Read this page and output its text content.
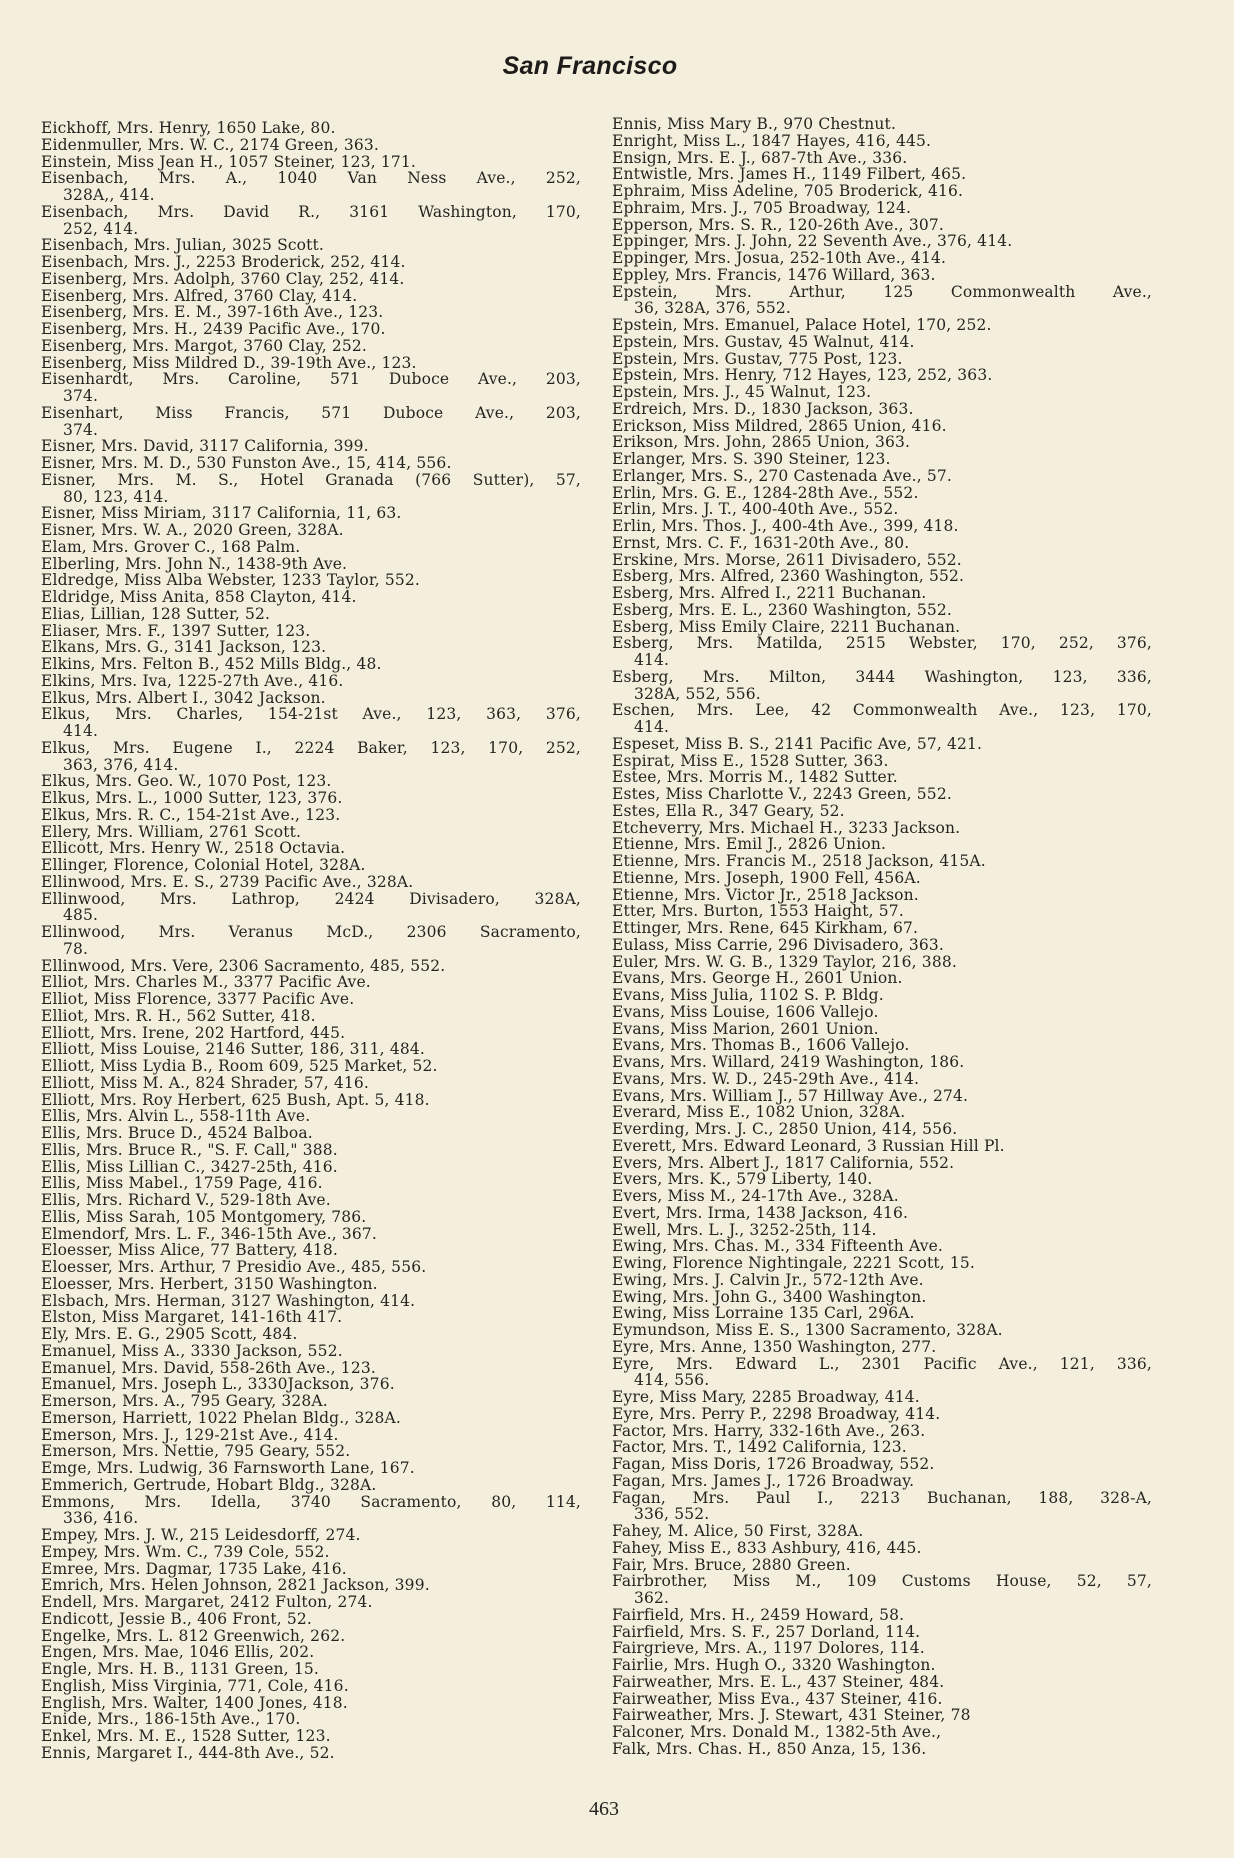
San Francisco
Eickhoff, Mrs. Henry, 1650 Lake, 80.
Eidenmuller, Mrs. W. C., 2174 Green, 363.
Einstein, Miss Jean H., 1057 Steiner, 123, 171.
Eisenbach, Mrs. A., 1040 Van Ness Ave., 252,
328A,, 414.
Eisenbach, Mrs. David R., 3161 Washington, 170,
252, 414.
Eisenbach, Mrs. Julian, 3025 Scott.
Eisenbach, Mrs. J., 2253 Broderick, 252, 414.
Eisenberg, Mrs. Adolph, 3760 Clay, 252, 414.
Eisenberg, Mrs. Alfred, 3760 Clay, 414.
Eisenberg, Mrs. E. M., 397-16th Ave., 123.
Eisenberg, Mrs. H., 2439 Pacific Ave., 170.
Eisenberg, Mrs. Margot, 3760 Clay, 252.
Eisenberg, Miss Mildred D., 39-19th Ave., 123.
Eisenhardt, Mrs. Caroline, 571 Duboce Ave., 203,
374.
Eisenhart, Miss Francis, 571 Duboce Ave., 203,
374.
Eisner, Mrs. David, 3117 California, 399.
Eisner, Mrs. M. D., 530 Funston Ave., 15, 414, 556.
Eisner, Mrs. M. S., Hotel Granada (766 Sutter), 57,
80, 123, 414.
Eisner, Miss Miriam, 3117 California, 11, 63.
Eisner, Mrs. W. A., 2020 Green, 328A.
Elam, Mrs. Grover C., 168 Palm.
Elberling, Mrs. John N., 1438-9th Ave.
Eldredge, Miss Alba Webster, 1233 Taylor, 552.
Eldridge, Miss Anita, 858 Clayton, 414.
Elias, Lillian, 128 Sutter, 52.
Eliaser, Mrs. F., 1397 Sutter, 123.
Elkans, Mrs. G., 3141 Jackson, 123.
Elkins, Mrs. Felton B., 452 Mills Bldg., 48.
Elkins, Mrs. Iva, 1225-27th Ave., 416.
Elkus, Mrs. Albert I., 3042 Jackson.
Elkus, Mrs. Charles, 154-21st Ave., 123, 363, 376,
414.
Elkus, Mrs. Eugene I., 2224 Baker, 123, 170, 252,
363, 376, 414.
Elkus, Mrs. Geo. W., 1070 Post, 123.
Elkus, Mrs. L., 1000 Sutter, 123, 376.
Elkus, Mrs. R. C., 154-21st Ave., 123.
Ellery, Mrs. William, 2761 Scott.
Ellicott, Mrs. Henry W., 2518 Octavia.
Ellinger, Florence, Colonial Hotel, 328A.
Ellinwood, Mrs. E. S., 2739 Pacific Ave., 328A.
Ellinwood, Mrs. Lathrop, 2424 Divisadero, 328A,
485.
Ellinwood, Mrs. Veranus McD., 2306 Sacramento,
78.
Ellinwood, Mrs. Vere, 2306 Sacramento, 485, 552.
Elliot, Mrs. Charles M., 3377 Pacific Ave.
Elliot, Miss Florence, 3377 Pacific Ave.
Elliot, Mrs. R. H., 562 Sutter, 418.
Elliott, Mrs. Irene, 202 Hartford, 445.
Elliott, Miss Louise, 2146 Sutter, 186, 311, 484.
Elliott, Miss Lydia B., Room 609, 525 Market, 52.
Elliott, Miss M. A., 824 Shrader, 57, 416.
Elliott, Mrs. Roy Herbert, 625 Bush, Apt. 5, 418.
Ellis, Mrs. Alvin L., 558-11th Ave.
Ellis, Mrs. Bruce D., 4524 Balboa.
Ellis, Mrs. Bruce R., "S. F. Call," 388.
Ellis, Miss Lillian C., 3427-25th, 416.
Ellis, Miss Mabel., 1759 Page, 416.
Ellis, Mrs. Richard V., 529-18th Ave.
Ellis, Miss Sarah, 105 Montgomery, 786.
Elmendorf, Mrs. L. F., 346-15th Ave., 367.
Eloesser, Miss Alice, 77 Battery, 418.
Eloesser, Mrs. Arthur, 7 Presidio Ave., 485, 556.
Eloesser, Mrs. Herbert, 3150 Washington.
Elsbach, Mrs. Herman, 3127 Washington, 414.
Elston, Miss Margaret, 141-16th 417.
Ely, Mrs. E. G., 2905 Scott, 484.
Emanuel, Miss A., 3330 Jackson, 552.
Emanuel, Mrs. David, 558-26th Ave., 123.
Emanuel, Mrs. Joseph L., 3330Jackson, 376.
Emerson, Mrs. A., 795 Geary, 328A.
Emerson, Harriett, 1022 Phelan Bldg., 328A.
Emerson, Mrs. J., 129-21st Ave., 414.
Emerson, Mrs. Nettie, 795 Geary, 552.
Emge, Mrs. Ludwig, 36 Farnsworth Lane, 167.
Emmerich, Gertrude, Hobart Bldg., 328A.
Emmons, Mrs. Idella, 3740 Sacramento, 80, 114,
336, 416.
Empey, Mrs. J. W., 215 Leidesdorff, 274.
Empey, Mrs. Wm. C., 739 Cole, 552.
Emree, Mrs. Dagmar, 1735 Lake, 416.
Emrich, Mrs. Helen Johnson, 2821 Jackson, 399.
Endell, Mrs. Margaret, 2412 Fulton, 274.
Endicott, Jessie B., 406 Front, 52.
Engelke, Mrs. L. 812 Greenwich, 262.
Engen, Mrs. Mae, 1046 Ellis, 202.
Engle, Mrs. H. B., 1131 Green, 15.
English, Miss Virginia, 771, Cole, 416.
English, Mrs. Walter, 1400 Jones, 418.
Enide, Mrs., 186-15th Ave., 170.
Enkel, Mrs. M. E., 1528 Sutter, 123.
Ennis, Margaret I., 444-8th Ave., 52.
Ennis, Miss Mary B., 970 Chestnut.
Enright, Miss L., 1847 Hayes, 416, 445.
Ensign, Mrs. E. J., 687-7th Ave., 336.
Entwistle, Mrs. James H., 1149 Filbert, 465.
Ephraim, Miss Adeline, 705 Broderick, 416.
Ephraim, Mrs. J., 705 Broadway, 124.
Epperson, Mrs. S. R., 120-26th Ave., 307.
Eppinger, Mrs. J. John, 22 Seventh Ave., 376, 414.
Eppinger, Mrs. Josua, 252-10th Ave., 414.
Eppley, Mrs. Francis, 1476 Willard, 363.
Epstein, Mrs. Arthur, 125 Commonwealth Ave.,
36, 328A, 376, 552.
Epstein, Mrs. Emanuel, Palace Hotel, 170, 252.
Epstein, Mrs. Gustav, 45 Walnut, 414.
Epstein, Mrs. Gustav, 775 Post, 123.
Epstein, Mrs. Henry, 712 Hayes, 123, 252, 363.
Epstein, Mrs. J., 45 Walnut, 123.
Erdreich, Mrs. D., 1830 Jackson, 363.
Erickson, Miss Mildred, 2865 Union, 416.
Erikson, Mrs. John, 2865 Union, 363.
Erlanger, Mrs. S. 390 Steiner, 123.
Erlanger, Mrs. S., 270 Castenada Ave., 57.
Erlin, Mrs. G. E., 1284-28th Ave., 552.
Erlin, Mrs. J. T., 400-40th Ave., 552.
Erlin, Mrs. Thos. J., 400-4th Ave., 399, 418.
Ernst, Mrs. C. F., 1631-20th Ave., 80.
Erskine, Mrs. Morse, 2611 Divisadero, 552.
Esberg, Mrs. Alfred, 2360 Washington, 552.
Esberg, Mrs. Alfred I., 2211 Buchanan.
Esberg, Mrs. E. L., 2360 Washington, 552.
Esberg, Miss Emily Claire, 2211 Buchanan.
Esberg, Mrs. Matilda, 2515 Webster, 170, 252, 376,
414.
Esberg, Mrs. Milton, 3444 Washington, 123, 336,
328A, 552, 556.
Eschen, Mrs. Lee, 42 Commonwealth Ave., 123, 170,
414.
Espeset, Miss B. S., 2141 Pacific Ave, 57, 421.
Espirat, Miss E., 1528 Sutter, 363.
Estee, Mrs. Morris M., 1482 Sutter.
Estes, Miss Charlotte V., 2243 Green, 552.
Estes, Ella R., 347 Geary, 52.
Etcheverry, Mrs. Michael H., 3233 Jackson.
Etienne, Mrs. Emil J., 2826 Union.
Etienne, Mrs. Francis M., 2518 Jackson, 415A.
Etienne, Mrs. Joseph, 1900 Fell, 456A.
Etienne, Mrs. Victor Jr., 2518 Jackson.
Etter, Mrs. Burton, 1553 Haight, 57.
Ettinger, Mrs. Rene, 645 Kirkham, 67.
Eulass, Miss Carrie, 296 Divisadero, 363.
Euler, Mrs. W. G. B., 1329 Taylor, 216, 388.
Evans, Mrs. George H., 2601 Union.
Evans, Miss Julia, 1102 S. P. Bldg.
Evans, Miss Louise, 1606 Vallejo.
Evans, Miss Marion, 2601 Union.
Evans, Mrs. Thomas B., 1606 Vallejo.
Evans, Mrs. Willard, 2419 Washington, 186.
Evans, Mrs. W. D., 245-29th Ave., 414.
Evans, Mrs. William J., 57 Hillway Ave., 274.
Everard, Miss E., 1082 Union, 328A.
Everding, Mrs. J. C., 2850 Union, 414, 556.
Everett, Mrs. Edward Leonard, 3 Russian Hill Pl.
Evers, Mrs. Albert J., 1817 California, 552.
Evers, Mrs. K., 579 Liberty, 140.
Evers, Miss M., 24-17th Ave., 328A.
Evert, Mrs. Irma, 1438 Jackson, 416.
Ewell, Mrs. L. J., 3252-25th, 114.
Ewing, Mrs. Chas. M., 334 Fifteenth Ave.
Ewing, Florence Nightingale, 2221 Scott, 15.
Ewing, Mrs. J. Calvin Jr., 572-12th Ave.
Ewing, Mrs. John G., 3400 Washington.
Ewing, Miss Lorraine 135 Carl, 296A.
Eymundson, Miss E. S., 1300 Sacramento, 328A.
Eyre, Mrs. Anne, 1350 Washington, 277.
Eyre, Mrs. Edward L., 2301 Pacific Ave., 121, 336,
414, 556.
Eyre, Miss Mary, 2285 Broadway, 414.
Eyre, Mrs. Perry P., 2298 Broadway, 414.
Factor, Mrs. Harry, 332-16th Ave., 263.
Factor, Mrs. T., 1492 California, 123.
Fagan, Miss Doris, 1726 Broadway, 552.
Fagan, Mrs. James J., 1726 Broadway.
Fagan, Mrs. Paul I., 2213 Buchanan, 188, 328-A,
336, 552.
Fahey, M. Alice, 50 First, 328A.
Fahey, Miss E., 833 Ashbury, 416, 445.
Fair, Mrs. Bruce, 2880 Green.
Fairbrother, Miss M., 109 Customs House, 52, 57,
362.
Fairfield, Mrs. H., 2459 Howard, 58.
Fairfield, Mrs. S. F., 257 Dorland, 114.
Fairgrieve, Mrs. A., 1197 Dolores, 114.
Fairlie, Mrs. Hugh O., 3320 Washington.
Fairweather, Mrs. E. L., 437 Steiner, 484.
Fairweather, Miss Eva., 437 Steiner, 416.
Fairweather, Mrs. J. Stewart, 431 Steiner, 78
Falconer, Mrs. Donald M., 1382-5th Ave.,
Falk, Mrs. Chas. H., 850 Anza, 15, 136.
463
